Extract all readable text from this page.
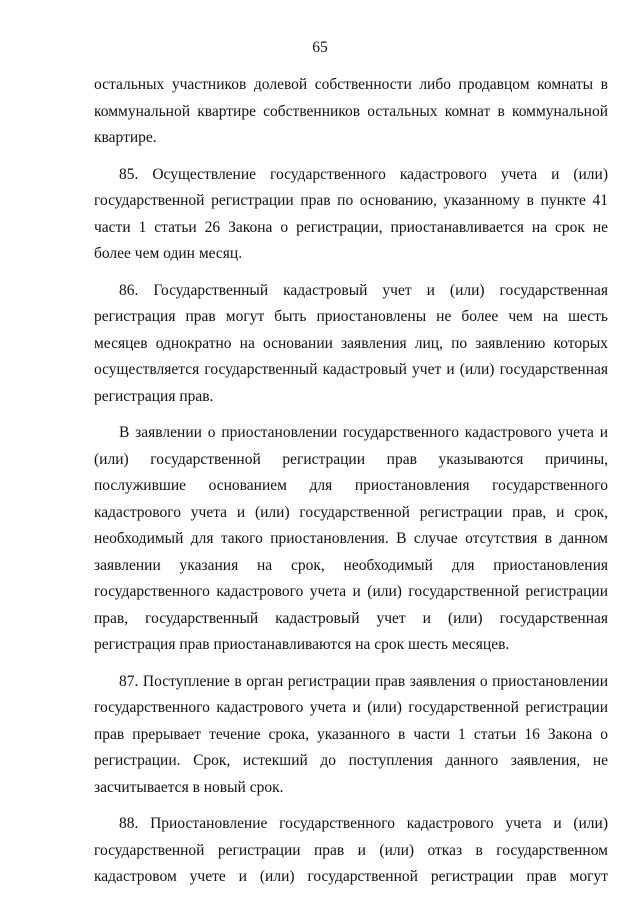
65

остальных участников долевой собственности либо продавцом комнаты в коммунальной квартире собственников остальных комнат в коммунальной квартире.

85. Осуществление государственного кадастрового учета и (или) государственной регистрации прав по основанию, указанному в пункте 41 части 1 статьи 26 Закона о регистрации, приостанавливается на срок не более чем один месяц.

86. Государственный кадастровый учет и (или) государственная регистрация прав могут быть приостановлены не более чем на шесть месяцев однократно на основании заявления лиц, по заявлению которых осуществляется государственный кадастровый учет и (или) государственная регистрация прав.

В заявлении о приостановлении государственного кадастрового учета и (или) государственной регистрации прав указываются причины, послужившие основанием для приостановления государственного кадастрового учета и (или) государственной регистрации прав, и срок, необходимый для такого приостановления. В случае отсутствия в данном заявлении указания на срок, необходимый для приостановления государственного кадастрового учета и (или) государственной регистрации прав, государственный кадастровый учет и (или) государственная регистрация прав приостанавливаются на срок шесть месяцев.

87. Поступление в орган регистрации прав заявления о приостановлении государственного кадастрового учета и (или) государственной регистрации прав прерывает течение срока, указанного в части 1 статьи 16 Закона о регистрации. Срок, истекший до поступления данного заявления, не засчитывается в новый срок.

88. Приостановление государственного кадастрового учета и (или) государственной регистрации прав и (или) отказ в государственном кадастровом учете и (или) государственной регистрации прав могут
